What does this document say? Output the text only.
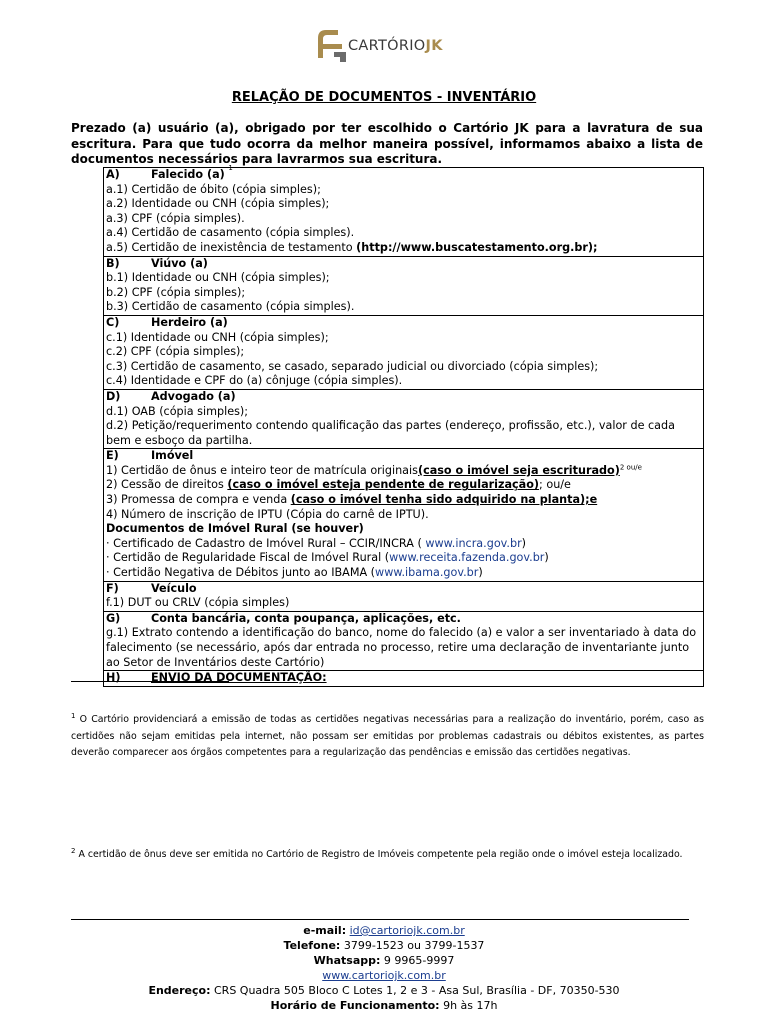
CARTÓRIOJK
RELAÇÃO DE DOCUMENTOS - INVENTÁRIO
Prezado (a) usuário (a), obrigado por ter escolhido o Cartório JK para a lavratura de sua escritura. Para que tudo ocorra da melhor maneira possível, informamos abaixo a lista de documentos necessários para lavrarmos sua escritura.
A)	Falecido (a)
1
a.1) Certidão de óbito (cópia simples);
a.2) Identidade ou CNH (cópia simples);
a.3) CPF (cópia simples).
a.4) Certidão de casamento (cópia simples).
a.5) Certidão de inexistência de testamento (http://www.buscatestamento.org.br);

B)	Viúvo (a)
b.1) Identidade ou CNH (cópia simples);
b.2) CPF (cópia simples);
b.3) Certidão de casamento (cópia simples).

C)	Herdeiro (a)
c.1) Identidade ou CNH (cópia simples);
c.2) CPF (cópia simples);
c.3) Certidão de casamento, se casado, separado judicial ou divorciado (cópia simples);
c.4) Identidade e CPF do (a) cônjuge (cópia simples).

D)	Advogado (a)
d.1) OAB (cópia simples);
d.2) Petição/requerimento contendo qualificação das partes (endereço, profissão, etc.), valor de cada bem e esboço da partilha.

E)	Imóvel
1) Certidão de ônus e inteiro teor de matrícula originais(caso o imóvel seja escriturado)$^2$ $^{ou/e}$
2) Cessão de direitos (caso o imóvel esteja pendente de regularização); ou/e
3) Promessa de compra e venda (caso o imóvel tenha sido adquirido na planta);e
4) Número de inscrição de IPTU (Cópia do carnê de IPTU).
Documentos de Imóvel Rural (se houver)
· Certificado de Cadastro de Imóvel Rural – CCIR/INCRA ( www.incra.gov.br)
· Certidão de Regularidade Fiscal de Imóvel Rural (www.receita.fazenda.gov.br)
· Certidão Negativa de Débitos junto ao IBAMA (www.ibama.gov.br)

F)	Veículo
f.1) DUT ou CRLV (cópia simples)

G)	Conta bancária, conta poupança, aplicações, etc.
g.1) Extrato contendo a identificação do banco, nome do falecido (a) e valor a ser inventariado à data do falecimento (se necessário, após dar entrada no processo, retire uma declaração de inventariante junto ao Setor de Inventários deste Cartório)

H)	ENVIO DA DOCUMENTAÇÃO:
$^1$ O Cartório providenciará a emissão de todas as certidões negativas necessárias para a realização do inventário, porém, caso as certidões não sejam emitidas pela internet, não possam ser emitidas por problemas cadastrais ou débitos existentes, as partes deverão comparecer aos órgãos competentes para a regularização das pendências e emissão das certidões negativas.
$^2$ A certidão de ônus deve ser emitida no Cartório de Registro de Imóveis competente pela região onde o imóvel esteja localizado.
e-mail: id@cartoriojk.com.br
Telefone: 3799-1523 ou 3799-1537
Whatsapp: 9 9965-9997
www.cartoriojk.com.br
Endereço: CRS Quadra 505 Bloco C Lotes 1, 2 e 3 - Asa Sul, Brasília - DF, 70350-530
Horário de Funcionamento: 9h às 17h
